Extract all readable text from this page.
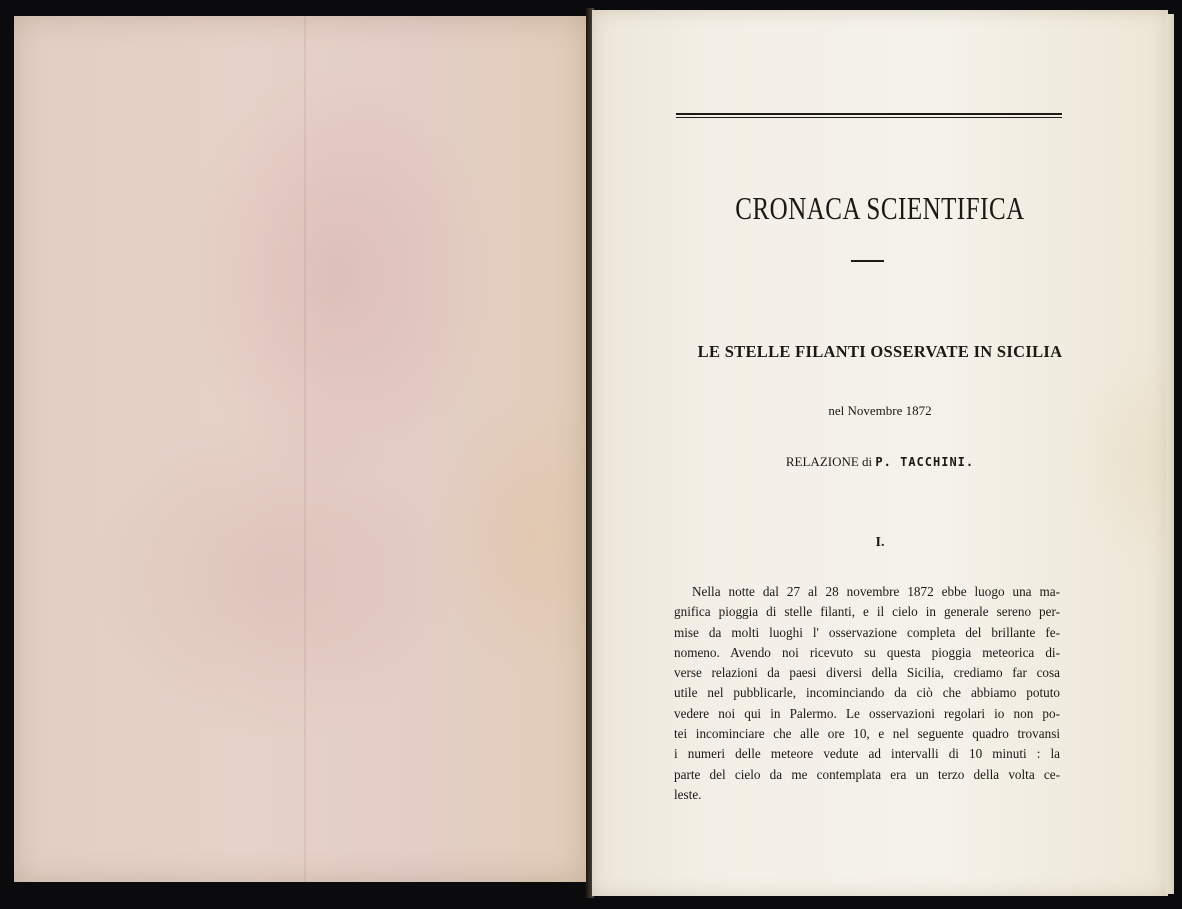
CRONACA SCIENTIFICA
LE STELLE FILANTI OSSERVATE IN SICILIA
nel Novembre 1872
RELAZIONE di P. TACCHINI.
I.
Nella notte dal 27 al 28 novembre 1872 ebbe luogo una ma-
gnifica pioggia di stelle filanti, e il cielo in generale sereno per-
mise da molti luoghi l' osservazione completa del brillante fe-
nomeno. Avendo noi ricevuto su questa pioggia meteorica di-
verse relazioni da paesi diversi della Sicilia, crediamo far cosa
utile nel pubblicarle, incominciando da ciò che abbiamo potuto
vedere noi qui in Palermo. Le osservazioni regolari io non po-
tei incominciare che alle ore 10, e nel seguente quadro trovansi
i numeri delle meteore vedute ad intervalli di 10 minuti : la
parte del cielo da me contemplata era un terzo della volta ce-
leste.
